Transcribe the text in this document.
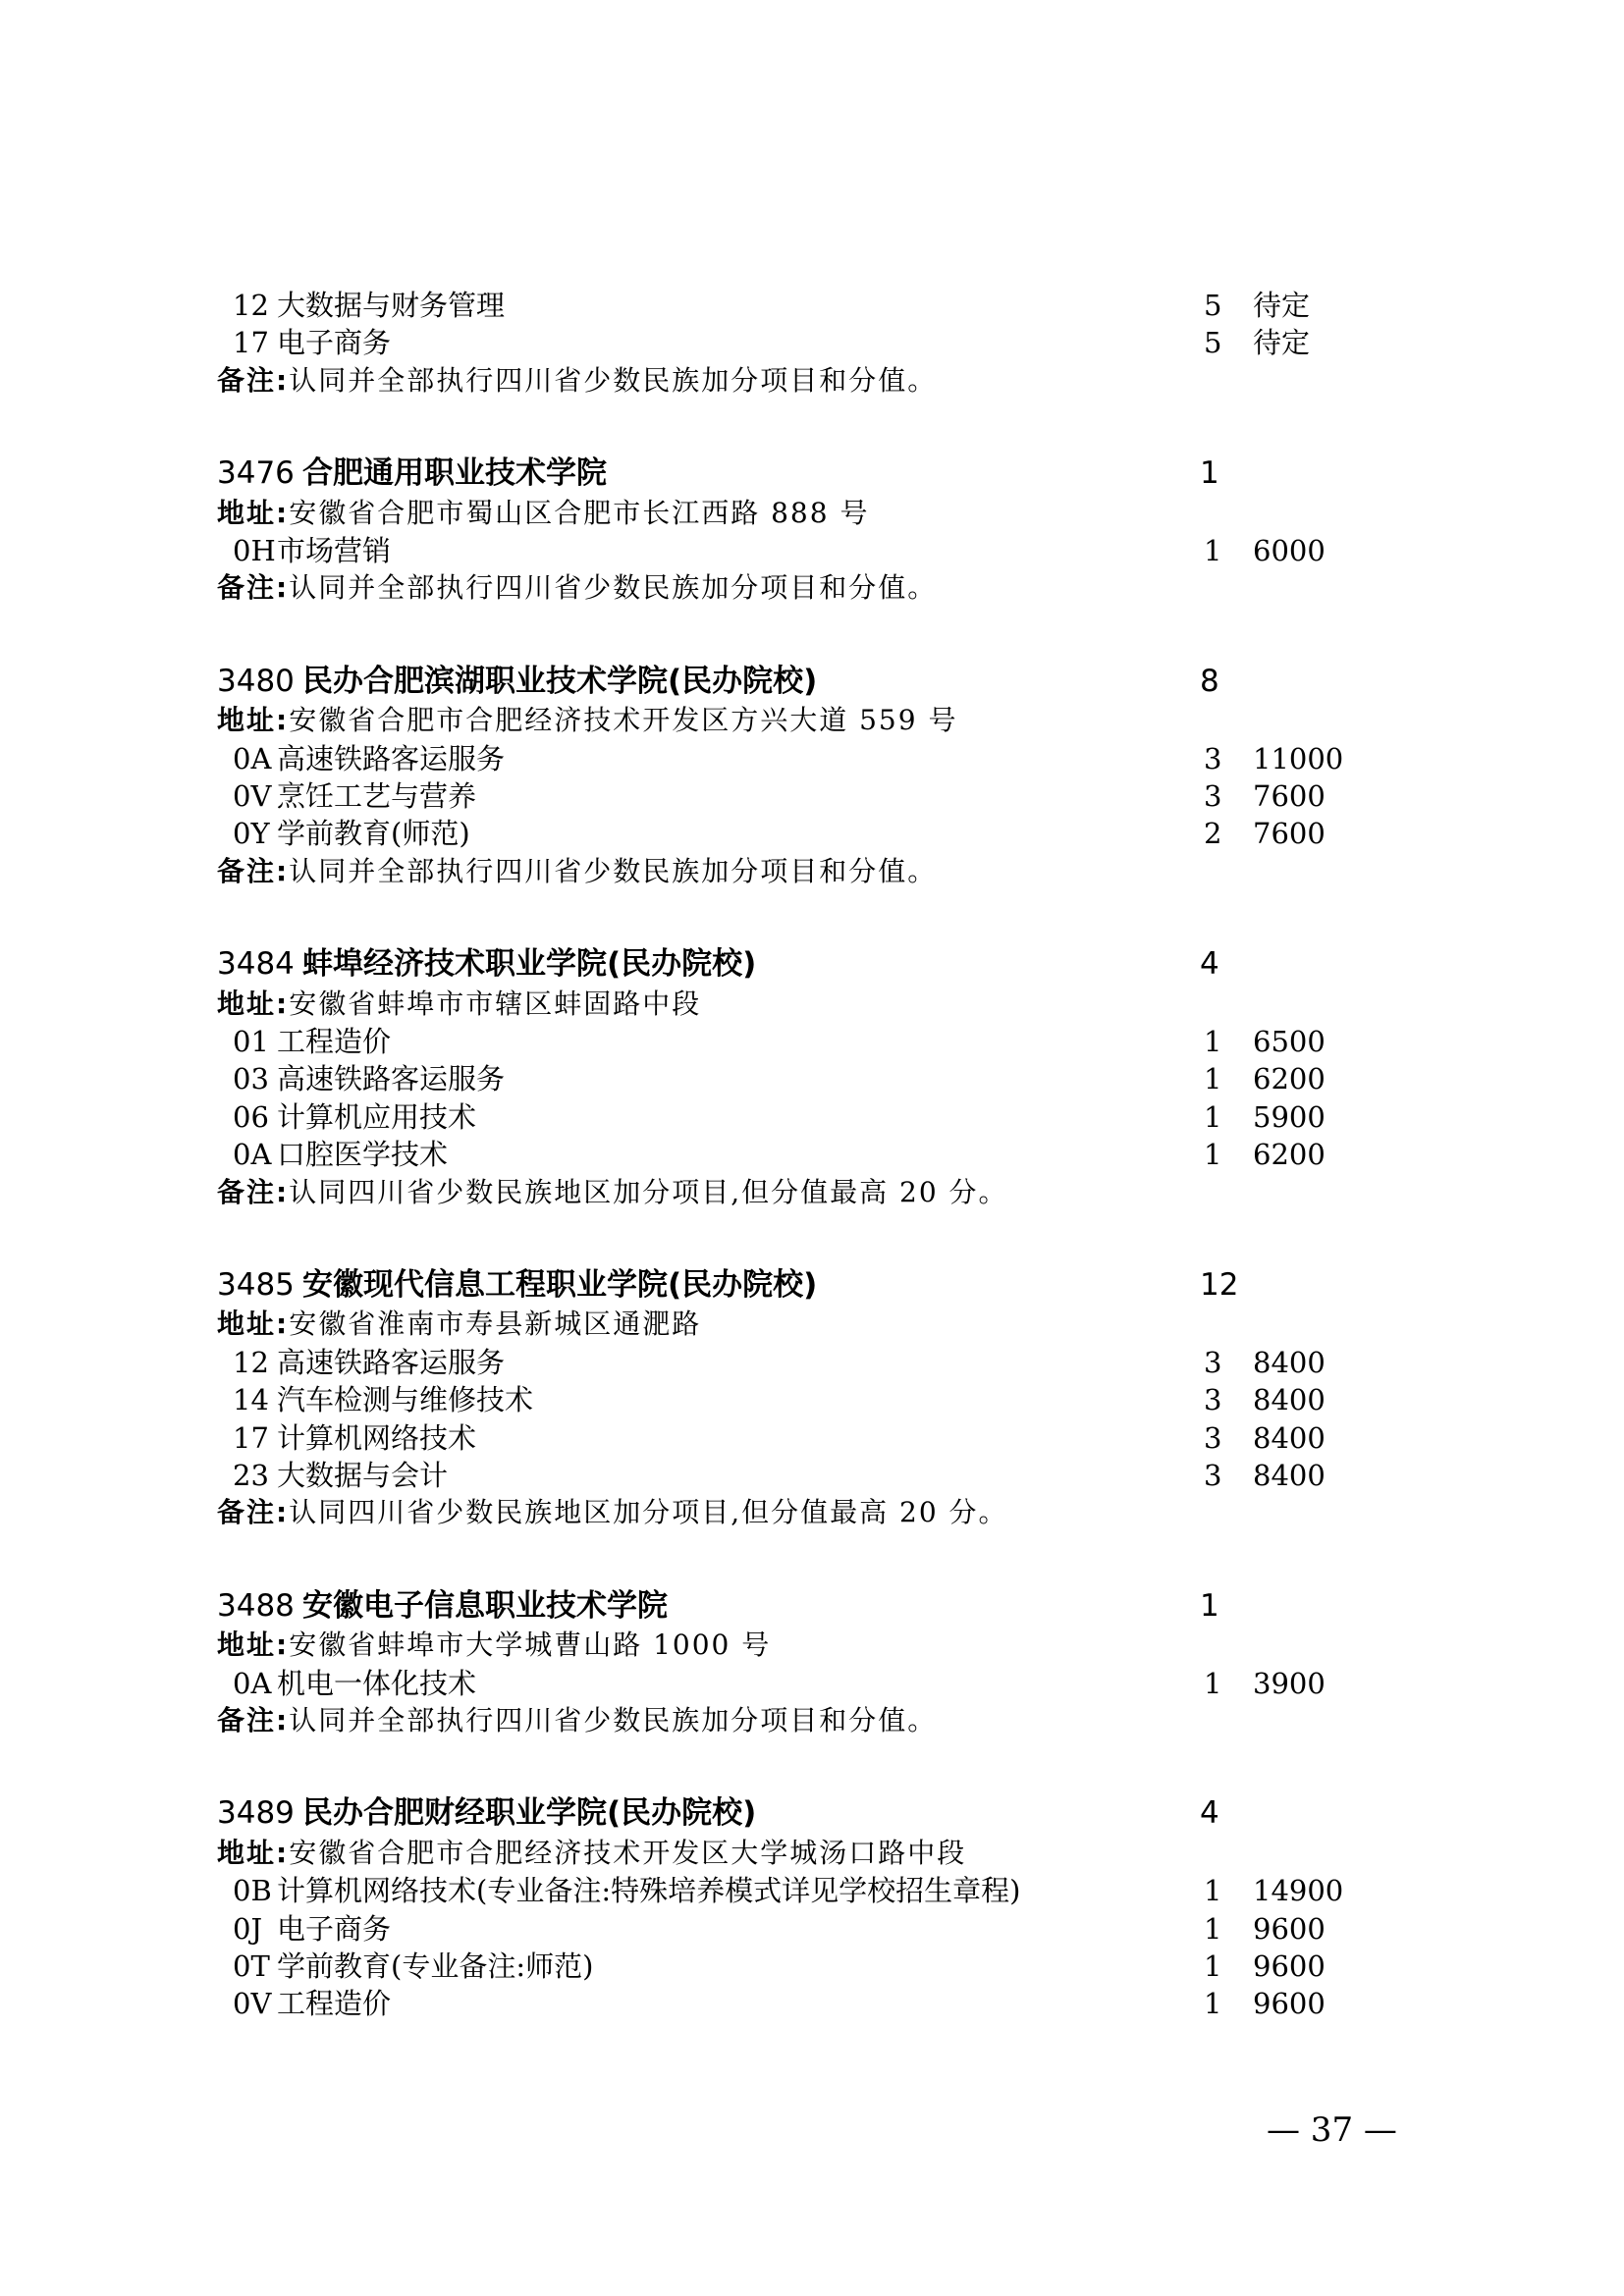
12 大数据与财务管理	5 待定
17 电子商务	5 待定
备注:认同并全部执行四川省少数民族加分项目和分值。
3476 合肥通用职业技术学院	1
地址:安徽省合肥市蜀山区合肥市长江西路 888 号
0H 市场营销	1 6000
备注:认同并全部执行四川省少数民族加分项目和分值。
3480 民办合肥滨湖职业技术学院(民办院校)	8
地址:安徽省合肥市合肥经济技术开发区方兴大道 559 号
0A 高速铁路客运服务	3 11000
0V 烹饪工艺与营养	3 7600
0Y 学前教育(师范)	2 7600
备注:认同并全部执行四川省少数民族加分项目和分值。
3484 蚌埠经济技术职业学院(民办院校)	4
地址:安徽省蚌埠市市辖区蚌固路中段
01 工程造价	1 6500
03 高速铁路客运服务	1 6200
06 计算机应用技术	1 5900
0A 口腔医学技术	1 6200
备注:认同四川省少数民族地区加分项目,但分值最高 20 分。
3485 安徽现代信息工程职业学院(民办院校)	12
地址:安徽省淮南市寿县新城区通淝路
12 高速铁路客运服务	3 8400
14 汽车检测与维修技术	3 8400
17 计算机网络技术	3 8400
23 大数据与会计	3 8400
备注:认同四川省少数民族地区加分项目,但分值最高 20 分。
3488 安徽电子信息职业技术学院	1
地址:安徽省蚌埠市大学城曹山路 1000 号
0A 机电一体化技术	1 3900
备注:认同并全部执行四川省少数民族加分项目和分值。
3489 民办合肥财经职业学院(民办院校)	4
地址:安徽省合肥市合肥经济技术开发区大学城汤口路中段
0B 计算机网络技术(专业备注:特殊培养模式详见学校招生章程)	1 14900
0J 电子商务	1 9600
0T 学前教育(专业备注:师范)	1 9600
0V 工程造价	1 9600
— 37 —
